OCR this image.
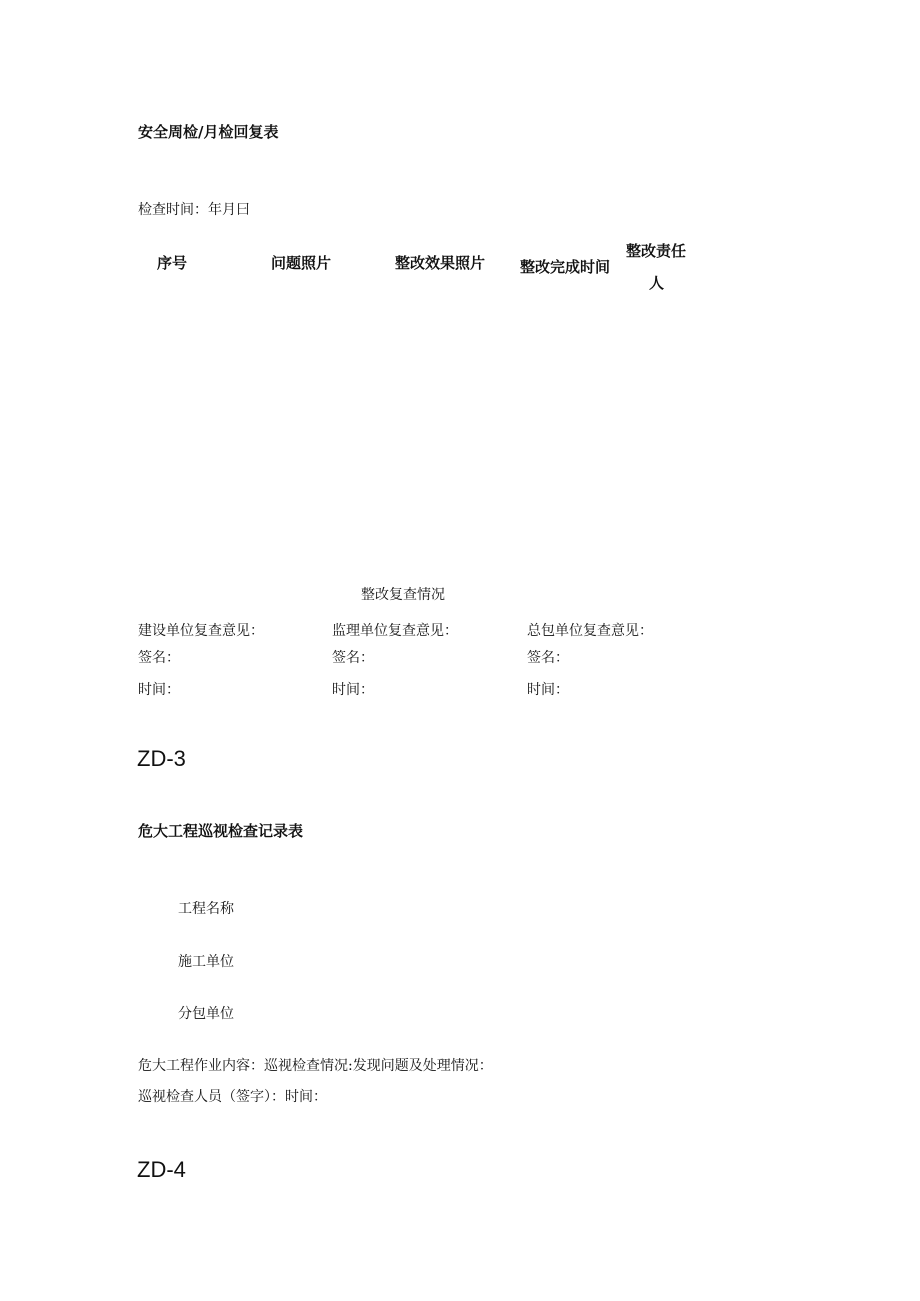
安全周检/月检回复表
检查时间：年月曰
序号	问题照片	整改效果照片 整改完成时间
整改责任
人
整改复查情况
建设单位复查意见：
签名：
时间：
监理单位复查意见：
签名：
时间：
总包单位复查意见：
签名：
时间：
ZD-3
危大工程巡视检查记录表
工程名称
施工单位
分包单位
危大工程作业内容：巡视检查情况:发现问题及处理情况：
巡视检查人员（签字）：时间：
ZD-4
